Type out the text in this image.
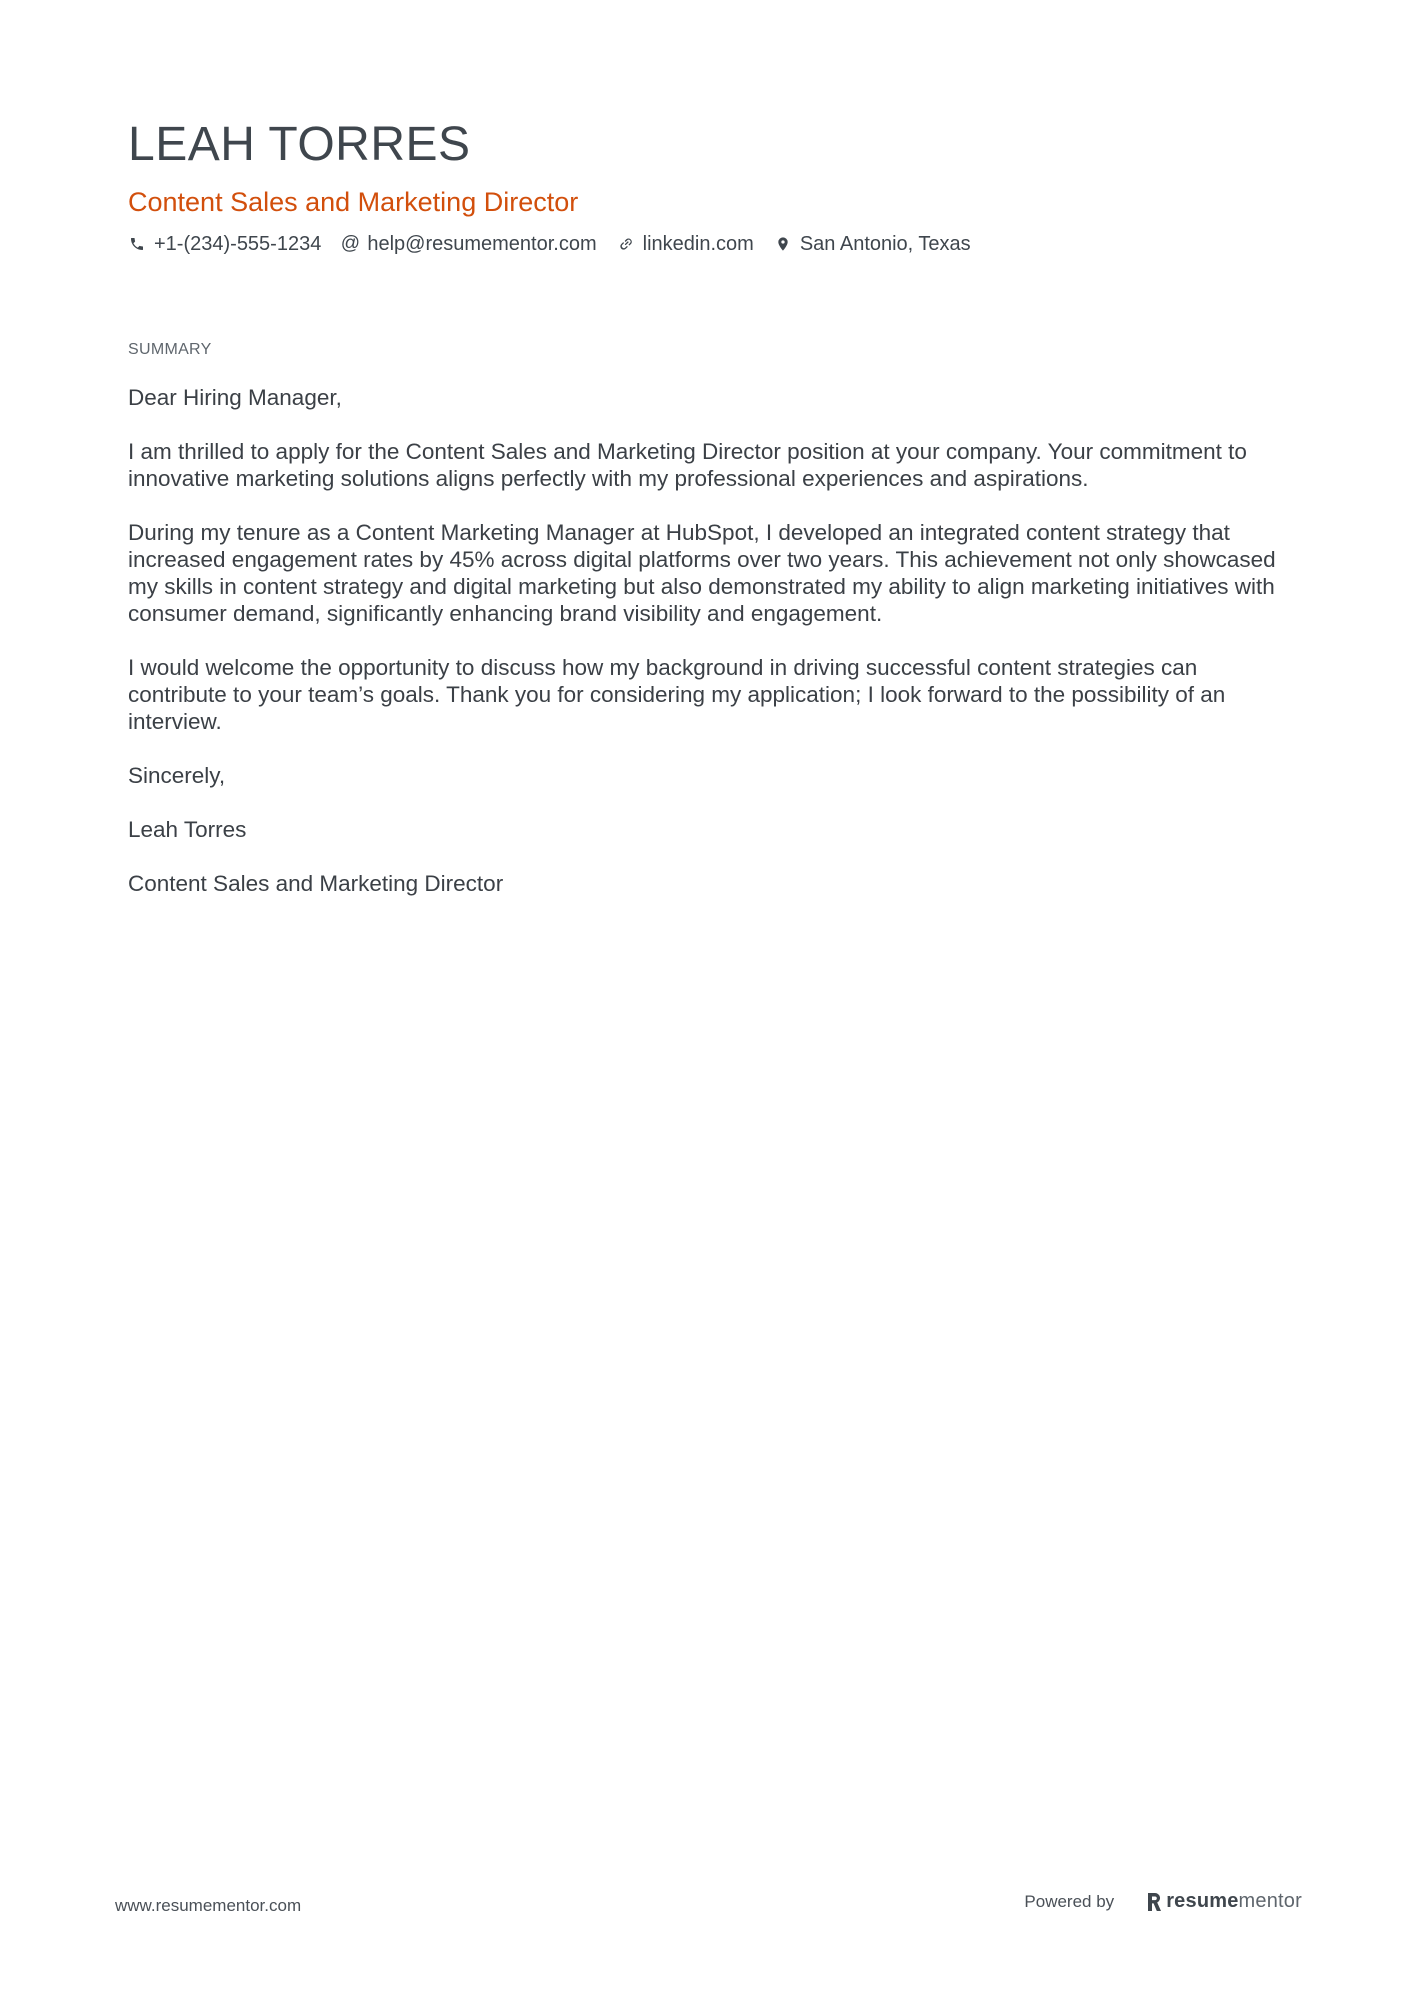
LEAH TORRES
Content Sales and Marketing Director
+1-(234)-555-1234 @ help@resumementor.com linkedin.com San Antonio, Texas
SUMMARY

Dear Hiring Manager,

I am thrilled to apply for the Content Sales and Marketing Director position at your company. Your commitment to innovative marketing solutions aligns perfectly with my professional experiences and aspirations.

During my tenure as a Content Marketing Manager at HubSpot, I developed an integrated content strategy that increased engagement rates by 45% across digital platforms over two years. This achievement not only showcased my skills in content strategy and digital marketing but also demonstrated my ability to align marketing initiatives with consumer demand, significantly enhancing brand visibility and engagement.

I would welcome the opportunity to discuss how my background in driving successful content strategies can contribute to your team’s goals. Thank you for considering my application; I look forward to the possibility of an interview.

Sincerely,

Leah Torres

Content Sales and Marketing Director

www.resumementor.com	Powered by	resume mentor
